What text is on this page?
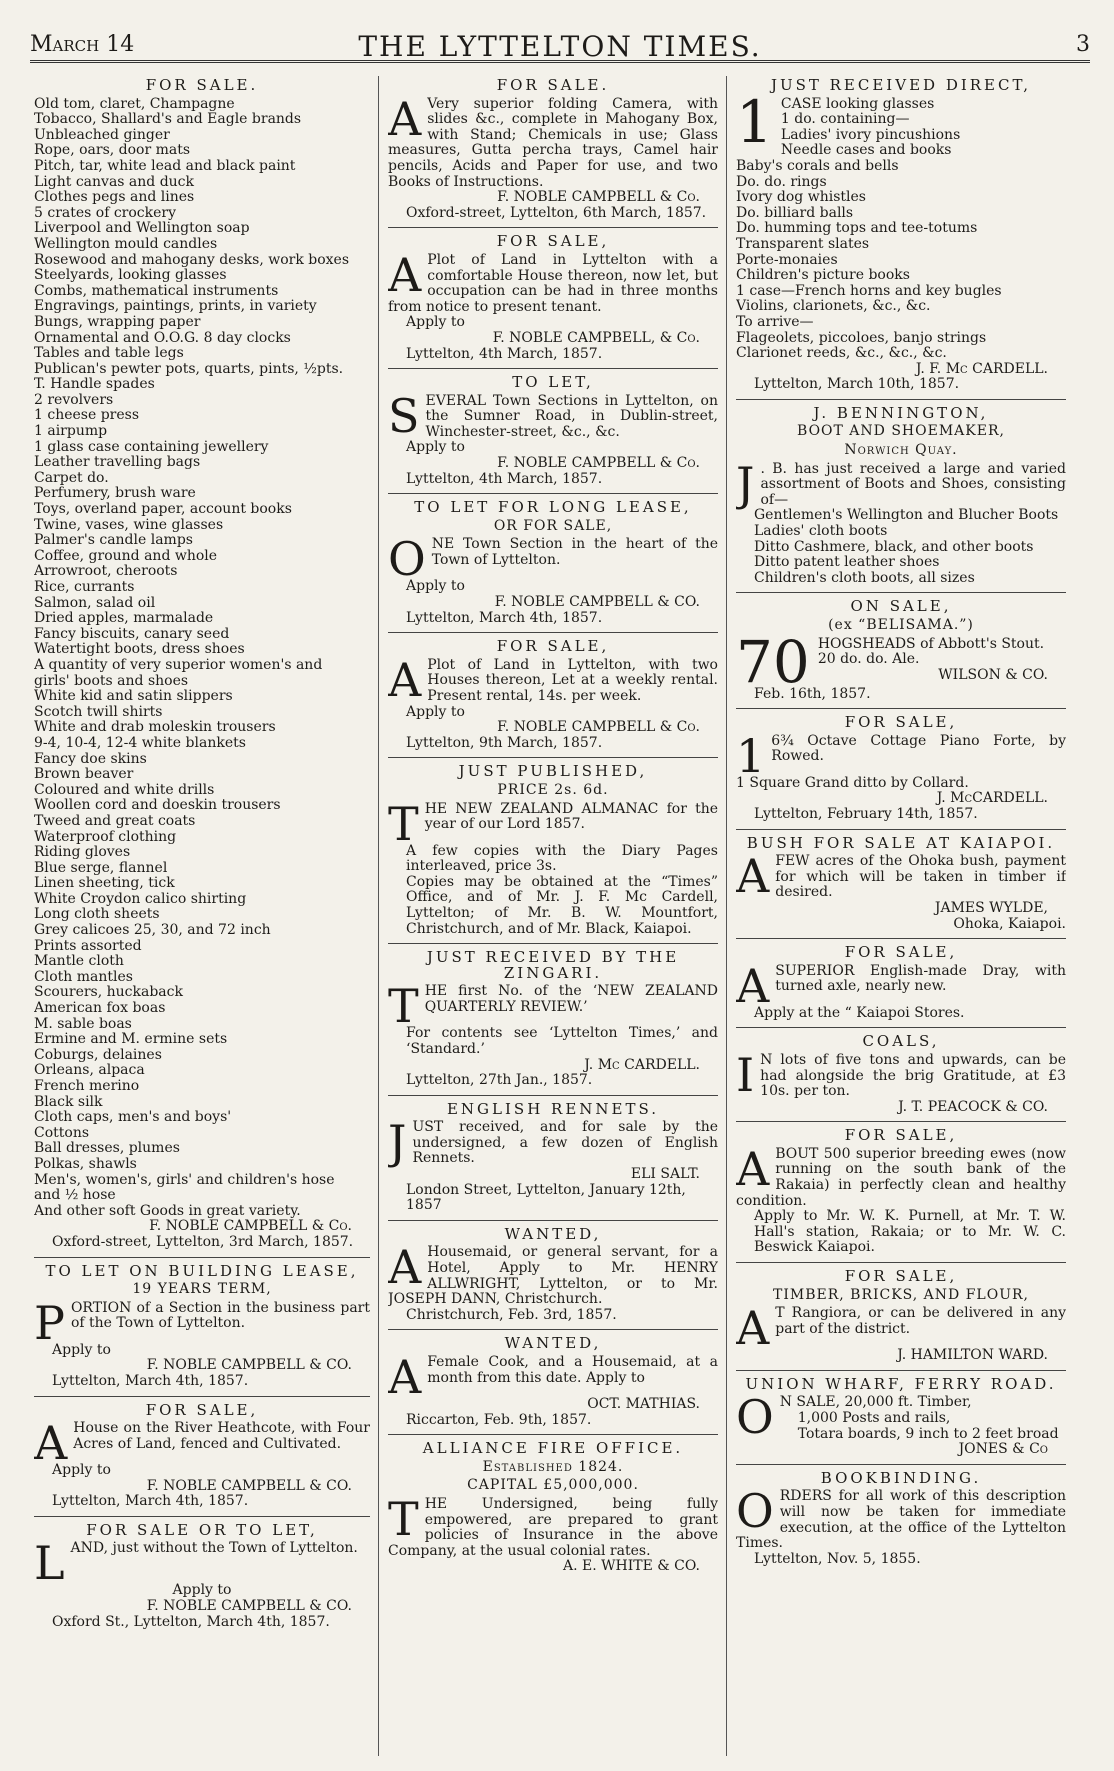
March 14	THE LYTTELTON TIMES.	3
FOR SALE.
Old tom, claret, Champagne
Tobacco, Shallard's and Eagle brands
Unbleached ginger
Rope, oars, door mats
Pitch, tar, white lead and black paint
Light canvas and duck
Clothes pegs and lines
5 crates of crockery
Liverpool and Wellington soap
Wellington mould candles
Rosewood and mahogany desks, work boxes
Steelyards, looking glasses
Combs, mathematical instruments
Engravings, paintings, prints, in variety
Bungs, wrapping paper
Ornamental and O.O.G. 8 day clocks
Tables and table legs
Publican's pewter pots, quarts, pints, ½pts.
T. Handle spades
2 revolvers
1 cheese press
1 airpump
1 glass case containing jewellery
Leather travelling bags
Carpet do.
Perfumery, brush ware
Toys, overland paper, account books
Twine, vases, wine glasses
Palmer's candle lamps
Coffee, ground and whole
Arrowroot, cheroots
Rice, currants
Salmon, salad oil
Dried apples, marmalade
Fancy biscuits, canary seed
Watertight boots, dress shoes
A quantity of very superior women's and
girls' boots and shoes
White kid and satin slippers
Scotch twill shirts
White and drab moleskin trousers
9-4, 10-4, 12-4 white blankets
Fancy doe skins
Brown beaver
Coloured and white drills
Woollen cord and doeskin trousers
Tweed and great coats
Waterproof clothing
Riding gloves
Blue serge, flannel
Linen sheeting, tick
White Croydon calico shirting
Long cloth sheets
Grey calicoes 25, 30, and 72 inch
Prints assorted
Mantle cloth
Cloth mantles
Scourers, huckaback
American fox boas
M. sable boas
Ermine and M. ermine sets
Coburgs, delaines
Orleans, alpaca
French merino
Black silk
Cloth caps, men's and boys'
Cottons
Ball dresses, plumes
Polkas, shawls
Men's, women's, girls' and children's hose
and ½ hose
And other soft Goods in great variety.
F. NOBLE CAMPBELL & Co.
Oxford-street, Lyttelton, 3rd March, 1857.
TO LET ON BUILDING LEASE,
19 YEARS TERM,
PORTION of a Section in the business part of the Town of Lyttelton.
Apply to
F. NOBLE CAMPBELL & CO.
Lyttelton, March 4th, 1857.
FOR SALE,
A House on the River Heathcote, with Four Acres of Land, fenced and Cultivated.
Apply to
F. NOBLE CAMPBELL & CO.
Lyttelton, March 4th, 1857.
FOR SALE OR TO LET,
LAND, just without the Town of Lyttelton.
Apply to
F. NOBLE CAMPBELL & CO.
Oxford St., Lyttelton, March 4th, 1857.
FOR SALE.
A Very superior folding Camera, with slides &c., complete in Mahogany Box, with Stand; Chemicals in use; Glass measures, Gutta percha trays, Camel hair pencils, Acids and Paper for use, and two Books of Instructions.
F. NOBLE CAMPBELL & Co.
Oxford-street, Lyttelton, 6th March, 1857.
FOR SALE,
A Plot of Land in Lyttelton with a comfortable House thereon, now let, but occupation can be had in three months from notice to present tenant.
Apply to
F. NOBLE CAMPBELL, & Co.
Lyttelton, 4th March, 1857.
TO LET,
SEVERAL Town Sections in Lyttelton, on the Sumner Road, in Dublin-street, Winchester-street, &c., &c.
Apply to
F. NOBLE CAMPBELL & Co.
Lyttelton, 4th March, 1857.
TO LET FOR LONG LEASE,
OR FOR SALE,
ONE Town Section in the heart of the Town of Lyttelton.
Apply to
F. NOBLE CAMPBELL & CO.
Lyttelton, March 4th, 1857.
FOR SALE,
A Plot of Land in Lyttelton, with two Houses thereon, Let at a weekly rental. Present rental, 14s. per week.
Apply to
F. NOBLE CAMPBELL & Co.
Lyttelton, 9th March, 1857.
JUST PUBLISHED,
PRICE 2s. 6d.
THE NEW ZEALAND ALMANAC for the year of our Lord 1857.
A few copies with the Diary Pages interleaved, price 3s.
Copies may be obtained at the “Times” Office, and of Mr. J. F. Mc Cardell, Lyttelton; of Mr. B. W. Mountfort, Christchurch, and of Mr. Black, Kaiapoi.
JUST RECEIVED BY THE ZINGARI.
THE first No. of the ‘NEW ZEALAND QUARTERLY REVIEW.’
For contents see ‘Lyttelton Times,’ and ‘Standard.’
J. Mc CARDELL.
Lyttelton, 27th Jan., 1857.
ENGLISH RENNETS.
JUST received, and for sale by the undersigned, a few dozen of English Rennets.
ELI SALT.
London Street, Lyttelton, January 12th, 1857
WANTED,
A Housemaid, or general servant, for a Hotel, Apply to Mr. HENRY ALLWRIGHT, Lyttelton, or to Mr. JOSEPH DANN, Christchurch.
Christchurch, Feb. 3rd, 1857.
WANTED,
A Female Cook, and a Housemaid, at a month from this date. Apply to
OCT. MATHIAS.
Riccarton, Feb. 9th, 1857.
ALLIANCE FIRE OFFICE.
Established 1824.
CAPITAL £5,000,000.
THE Undersigned, being fully empowered, are prepared to grant policies of Insurance in the above Company, at the usual colonial rates.
A. E. WHITE & CO.
JUST RECEIVED DIRECT,
1 CASE looking glasses
1 do. containing—
Ladies' ivory pincushions
Needle cases and books
Baby's corals and bells
Do. do. rings
Ivory dog whistles
Do. billiard balls
Do. humming tops and tee-totums
Transparent slates
Porte-monaies
Children's picture books
1 case—French horns and key bugles
Violins, clarionets, &c., &c.
To arrive—
Flageolets, piccoloes, banjo strings
Clarionet reeds, &c., &c., &c.
J. F. Mc CARDELL.
Lyttelton, March 10th, 1857.
J. BENNINGTON,
BOOT AND SHOEMAKER,
Norwich Quay.
J . B. has just received a large and varied assortment of Boots and Shoes, consisting of—
Gentlemen's Wellington and Blucher Boots
Ladies' cloth boots
Ditto Cashmere, black, and other boots
Ditto patent leather shoes
Children's cloth boots, all sizes
ON SALE,
(ex “BELISAMA.”)
70 HOGSHEADS of Abbott's Stout.
20 do. do. Ale.
WILSON & CO.
Feb. 16th, 1857.
FOR SALE,
1 6¾ Octave Cottage Piano Forte, by Rowed.
1 Square Grand ditto by Collard.
J. McCARDELL.
Lyttelton, February 14th, 1857.
BUSH FOR SALE AT KAIAPOI.
AFEW acres of the Ohoka bush, payment for which will be taken in timber if desired.
JAMES WYLDE,
Ohoka, Kaiapoi.
FOR SALE,
ASUPERIOR English-made Dray, with turned axle, nearly new.
Apply at the “ Kaiapoi Stores.
COALS,
I N lots of five tons and upwards, can be had alongside the brig Gratitude, at £3 10s. per ton.
J. T. PEACOCK & CO.
FOR SALE,
ABOUT 500 superior breeding ewes (now running on the south bank of the Rakaia) in perfectly clean and healthy condition.
Apply to Mr. W. K. Purnell, at Mr. T. W. Hall's station, Rakaia; or to Mr. W. C. Beswick Kaiapoi.
FOR SALE,
TIMBER, BRICKS, AND FLOUR,
A T Rangiora, or can be delivered in any part of the district.
J. HAMILTON WARD.
UNION WHARF, FERRY ROAD.
O N SALE, 20,000 ft. Timber,
1,000 Posts and rails,
Totara boards, 9 inch to 2 feet broad
JONES & Co
BOOKBINDING.
ORDERS for all work of this description will now be taken for immediate execution, at the office of the Lyttelton Times.
Lyttelton, Nov. 5, 1855.
